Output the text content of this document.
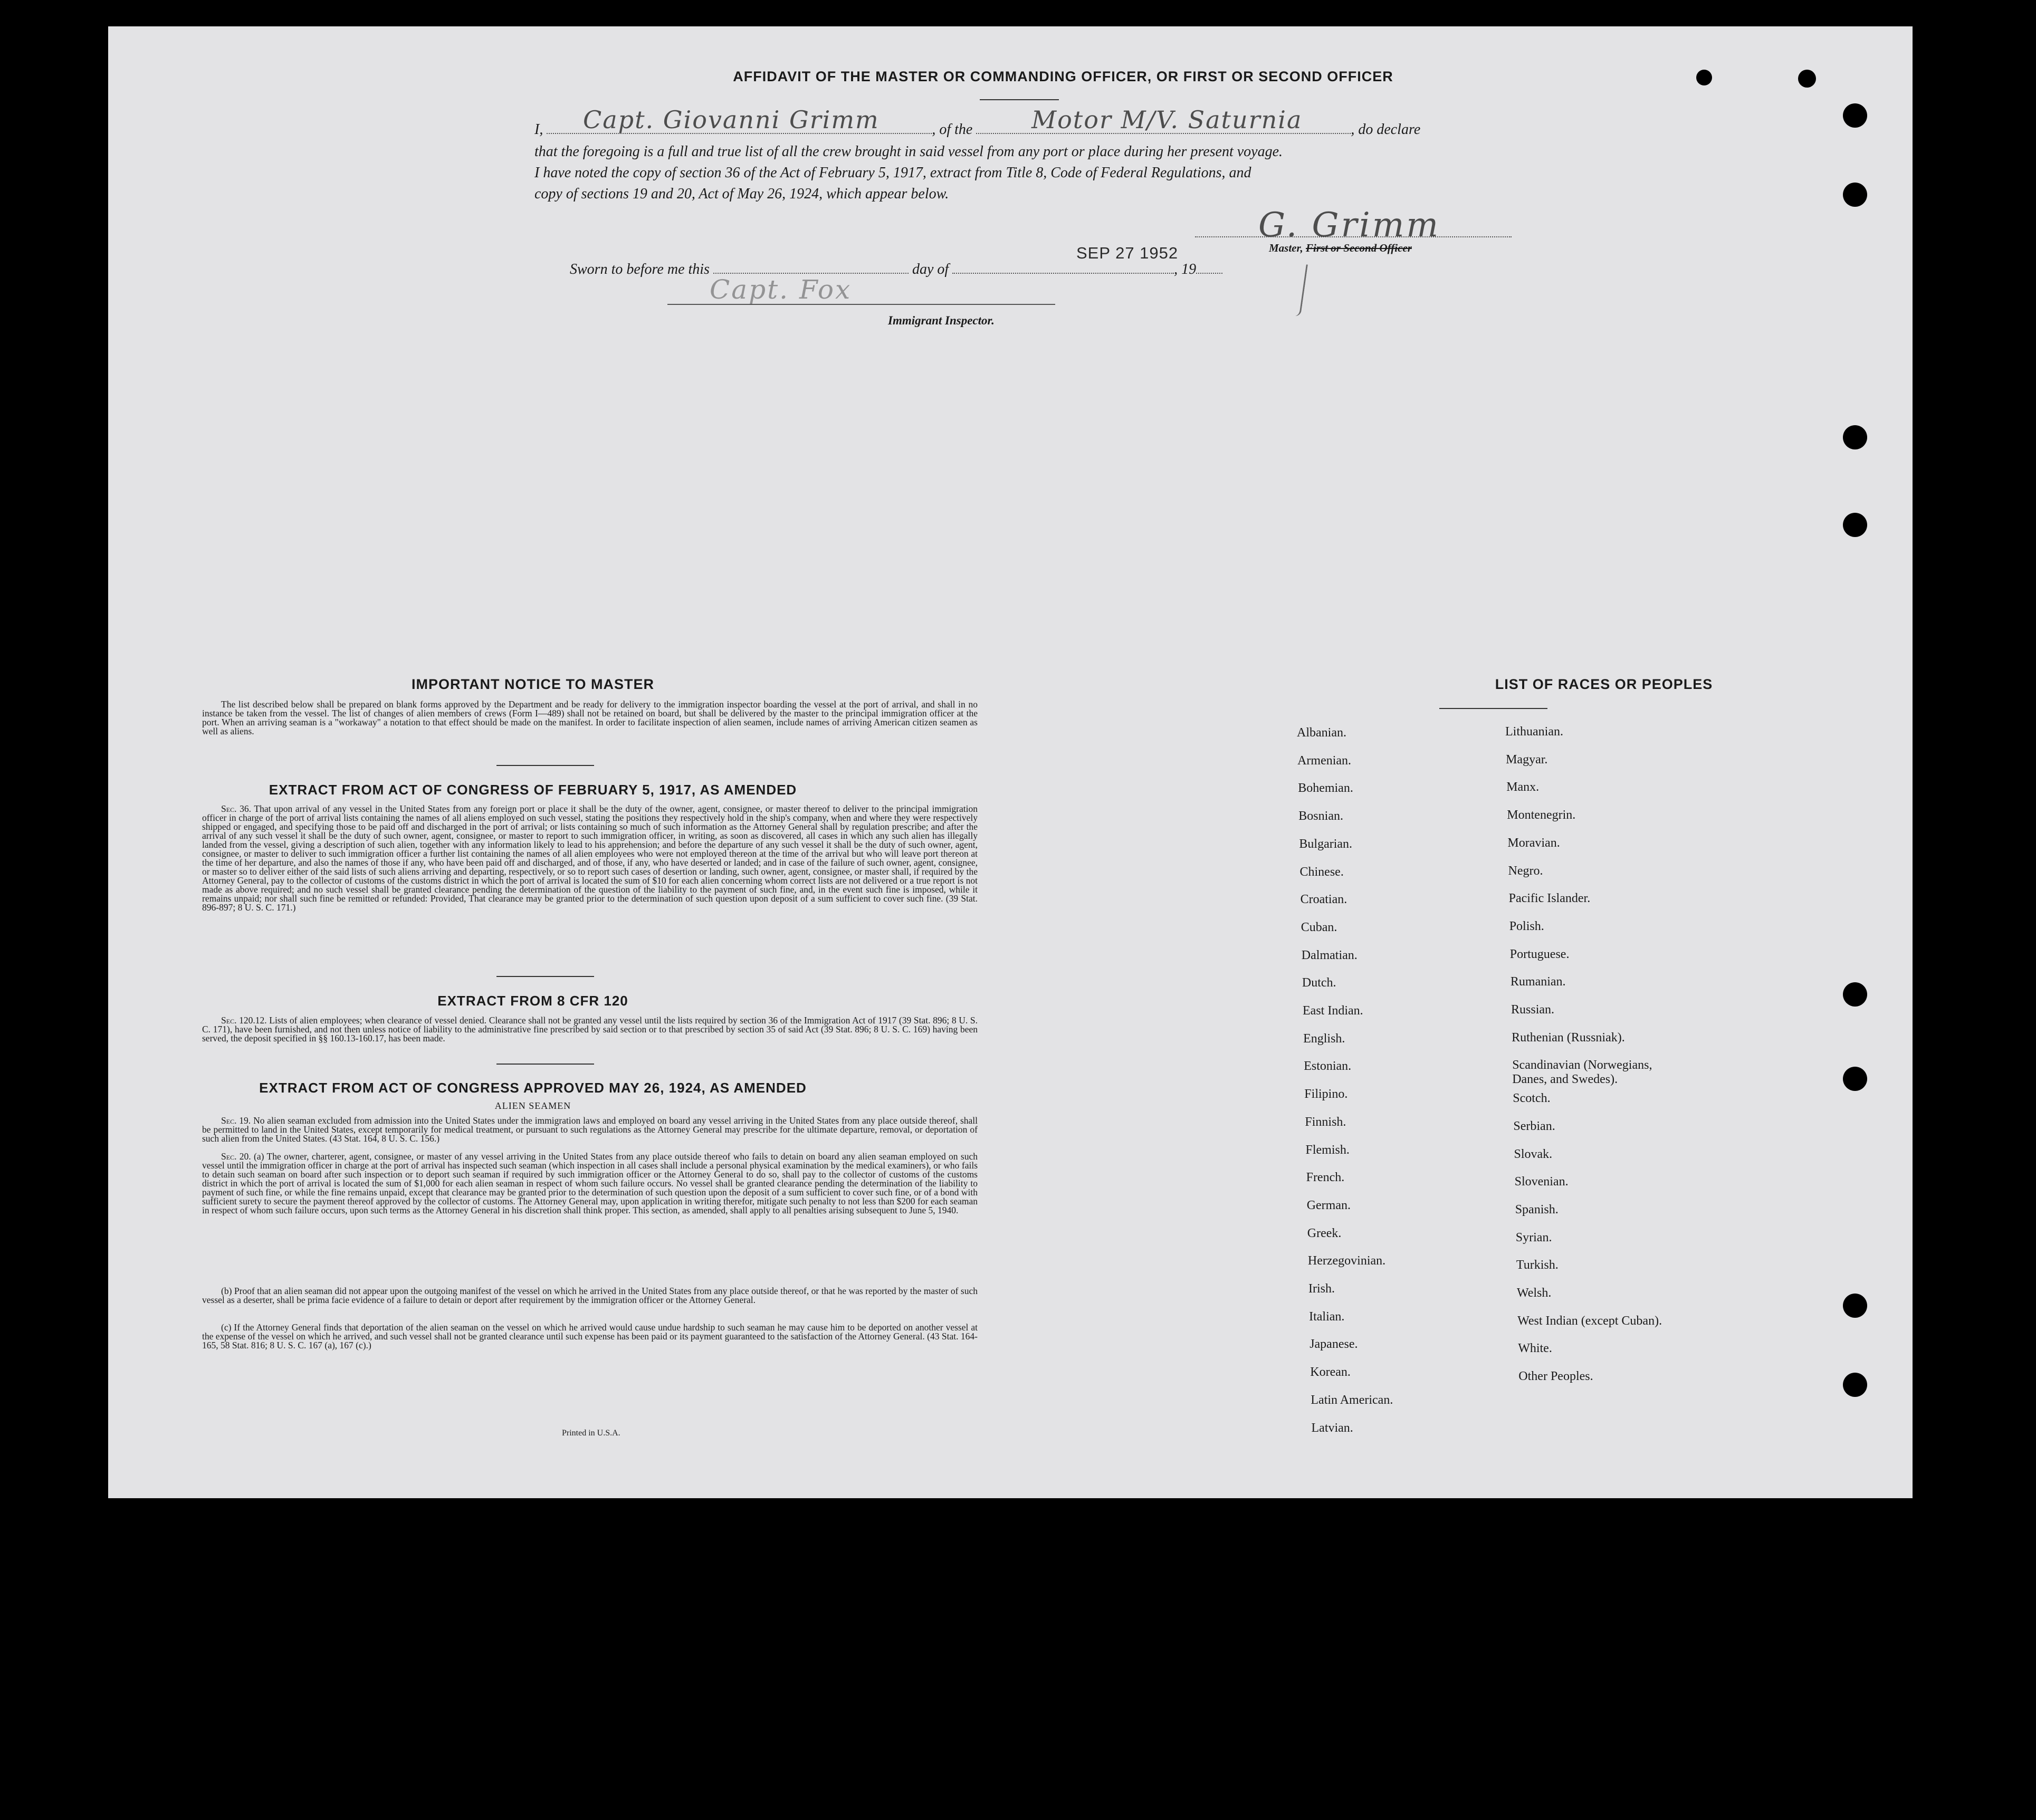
AFFIDAVIT OF THE MASTER OR COMMANDING OFFICER, OR FIRST OR SECOND OFFICER
I,	, of the	, do declare
Capt. Giovanni Grimm	Motor M/V. Saturnia
that the foregoing is a full and true list of all the crew brought in said vessel from any port or place during her present voyage.
I have noted the copy of section 36 of the Act of February 5, 1917, extract from Title 8, Code of Federal Regulations, and
copy of sections 19 and 20, Act of May 26, 1924, which appear below.
Sworn to before me this	day of	, 19
SEP 27 1952
G. Grimm
Master, First or Second Officer
Capt. Fox
Immigrant Inspector.
IMPORTANT NOTICE TO MASTER
The list described below shall be prepared on blank forms approved by the Department and be ready for delivery to the immigration inspector boarding the vessel at the port of arrival, and shall in no instance be taken from the vessel. The list of changes of alien members of crews (Form I—489) shall not be retained on board, but shall be delivered by the master to the principal immigration officer at the port. When an arriving seaman is a "workaway" a notation to that effect should be made on the manifest. In order to facilitate inspection of alien seamen, include names of arriving American citizen seamen as well as aliens.
EXTRACT FROM ACT OF CONGRESS OF FEBRUARY 5, 1917, AS AMENDED
Sec. 36. That upon arrival of any vessel in the United States from any foreign port or place it shall be the duty of the owner, agent, consignee, or master thereof to deliver to the principal immigration officer in charge of the port of arrival lists containing the names of all aliens employed on such vessel, stating the positions they respectively hold in the ship's company, when and where they were respectively shipped or engaged, and specifying those to be paid off and discharged in the port of arrival; or lists containing so much of such information as the Attorney General shall by regulation prescribe; and after the arrival of any such vessel it shall be the duty of such owner, agent, consignee, or master to report to such immigration officer, in writing, as soon as discovered, all cases in which any such alien has illegally landed from the vessel, giving a description of such alien, together with any information likely to lead to his apprehension; and before the departure of any such vessel it shall be the duty of such owner, agent, consignee, or master to deliver to such immigration officer a further list containing the names of all alien employees who were not employed thereon at the time of the arrival but who will leave port thereon at the time of her departure, and also the names of those if any, who have been paid off and discharged, and of those, if any, who have deserted or landed; and in case of the failure of such owner, agent, consignee, or master so to deliver either of the said lists of such aliens arriving and departing, respectively, or so to report such cases of desertion or landing, such owner, agent, consignee, or master shall, if required by the Attorney General, pay to the collector of customs of the customs district in which the port of arrival is located the sum of $10 for each alien concerning whom correct lists are not delivered or a true report is not made as above required; and no such vessel shall be granted clearance pending the determination of the question of the liability to the payment of such fine, and, in the event such fine is imposed, while it remains unpaid; nor shall such fine be remitted or refunded: Provided, That clearance may be granted prior to the determination of such question upon deposit of a sum sufficient to cover such fine. (39 Stat. 896-897; 8 U. S. C. 171.)
EXTRACT FROM 8 CFR 120
Sec. 120.12. Lists of alien employees; when clearance of vessel denied. Clearance shall not be granted any vessel until the lists required by section 36 of the Immigration Act of 1917 (39 Stat. 896; 8 U. S. C. 171), have been furnished, and not then unless notice of liability to the administrative fine prescribed by said section or to that prescribed by section 35 of said Act (39 Stat. 896; 8 U. S. C. 169) having been served, the deposit specified in §§ 160.13-160.17, has been made.
EXTRACT FROM ACT OF CONGRESS APPROVED MAY 26, 1924, AS AMENDED
ALIEN SEAMEN
Sec. 19. No alien seaman excluded from admission into the United States under the immigration laws and employed on board any vessel arriving in the United States from any place outside thereof, shall be permitted to land in the United States, except temporarily for medical treatment, or pursuant to such regulations as the Attorney General may prescribe for the ultimate departure, removal, or deportation of such alien from the United States. (43 Stat. 164, 8 U. S. C. 156.)
Sec. 20. (a) The owner, charterer, agent, consignee, or master of any vessel arriving in the United States from any place outside thereof who fails to detain on board any alien seaman employed on such vessel until the immigration officer in charge at the port of arrival has inspected such seaman (which inspection in all cases shall include a personal physical examination by the medical examiners), or who fails to detain such seaman on board after such inspection or to deport such seaman if required by such immigration officer or the Attorney General to do so, shall pay to the collector of customs of the customs district in which the port of arrival is located the sum of $1,000 for each alien seaman in respect of whom such failure occurs. No vessel shall be granted clearance pending the determination of the liability to payment of such fine, or while the fine remains unpaid, except that clearance may be granted prior to the determination of such question upon the deposit of a sum sufficient to cover such fine, or of a bond with sufficient surety to secure the payment thereof approved by the collector of customs. The Attorney General may, upon application in writing therefor, mitigate such penalty to not less than $200 for each seaman in respect of whom such failure occurs, upon such terms as the Attorney General in his discretion shall think proper. This section, as amended, shall apply to all penalties arising subsequent to June 5, 1940.
(b) Proof that an alien seaman did not appear upon the outgoing manifest of the vessel on which he arrived in the United States from any place outside thereof, or that he was reported by the master of such vessel as a deserter, shall be prima facie evidence of a failure to detain or deport after requirement by the immigration officer or the Attorney General.
(c) If the Attorney General finds that deportation of the alien seaman on the vessel on which he arrived would cause undue hardship to such seaman he may cause him to be deported on another vessel at the expense of the vessel on which he arrived, and such vessel shall not be granted clearance until such expense has been paid or its payment guaranteed to the satisfaction of the Attorney General. (43 Stat. 164-165, 58 Stat. 816; 8 U. S. C. 167 (a), 167 (c).)
Printed in U.S.A.
LIST OF RACES OR PEOPLES
Albanian.
Armenian.
Bohemian.
Bosnian.
Bulgarian.
Chinese.
Croatian.
Cuban.
Dalmatian.
Dutch.
East Indian.
English.
Estonian.
Filipino.
Finnish.
Flemish.
French.
German.
Greek.
Herzegovinian.
Irish.
Italian.
Japanese.
Korean.
Latin American.
Latvian.
Lithuanian.
Magyar.
Manx.
Montenegrin.
Moravian.
Negro.
Pacific Islander.
Polish.
Portuguese.
Rumanian.
Russian.
Ruthenian (Russniak).
Scandinavian (Norwegians,
Danes, and Swedes).
Scotch.
Serbian.
Slovak.
Slovenian.
Spanish.
Syrian.
Turkish.
Welsh.
West Indian (except Cuban).
White.
Other Peoples.
